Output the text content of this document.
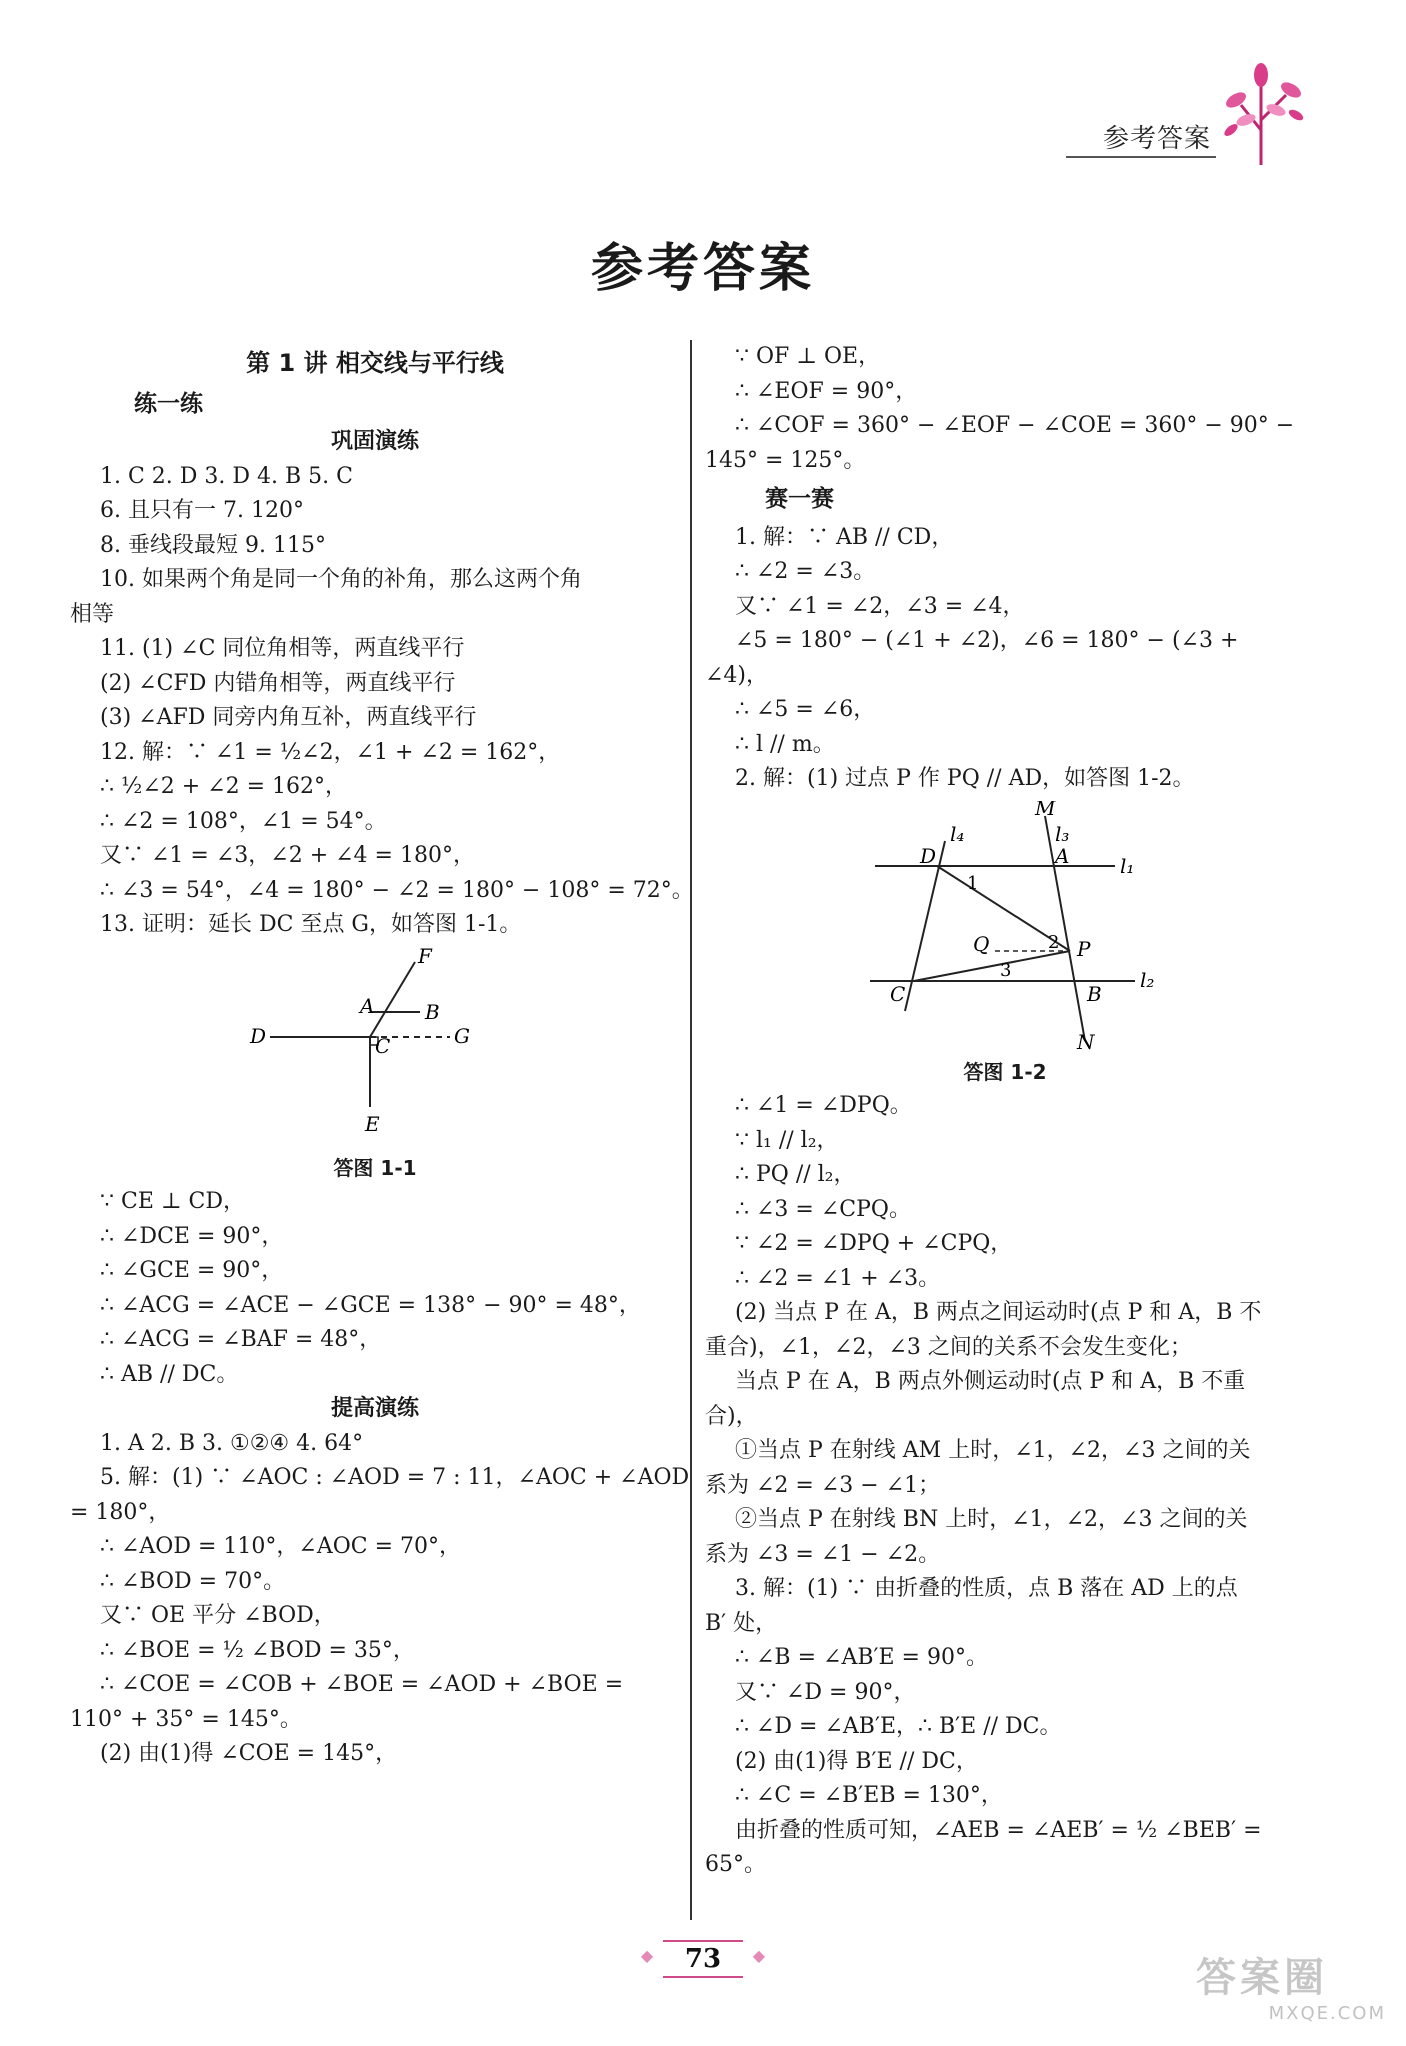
参考答案
参考答案
第 1 讲 相交线与平行线
练一练
巩固演练
1. C 2. D 3. D 4. B 5. C
6. 且只有一 7. 120°
8. 垂线段最短 9. 115°
10. 如果两个角是同一个角的补角，那么这两个角
相等
11. (1) ∠C 同位角相等，两直线平行
(2) ∠CFD 内错角相等，两直线平行
(3) ∠AFD 同旁内角互补，两直线平行
12. 解：∵ ∠1 = ½∠2，∠1 + ∠2 = 162°，
∴ ½∠2 + ∠2 = 162°，
∴ ∠2 = 108°，∠1 = 54°。
又∵ ∠1 = ∠3，∠2 + ∠4 = 180°，
∴ ∠3 = 54°，∠4 = 180° − ∠2 = 180° − 108° = 72°。
13. 证明：延长 DC 至点 G，如答图 1-1。
F
A	B
D	C	G
E
答图 1-1
∵ CE ⊥ CD，
∴ ∠DCE = 90°，
∴ ∠GCE = 90°，
∴ ∠ACG = ∠ACE − ∠GCE = 138° − 90° = 48°，
∴ ∠ACG = ∠BAF = 48°，
∴ AB // DC。
提高演练
1. A 2. B 3. ①②④ 4. 64°
5. 解：(1) ∵ ∠AOC : ∠AOD = 7 : 11，∠AOC + ∠AOD
= 180°，
∴ ∠AOD = 110°，∠AOC = 70°，
∴ ∠BOD = 70°。
又∵ OE 平分 ∠BOD，
∴ ∠BOE = ½ ∠BOD = 35°，
∴ ∠COE = ∠COB + ∠BOE = ∠AOD + ∠BOE =
110° + 35° = 145°。
(2) 由(1)得 ∠COE = 145°，
∵ OF ⊥ OE，
∴ ∠EOF = 90°，
∴ ∠COF = 360° − ∠EOF − ∠COE = 360° − 90° −
145° = 125°。
赛一赛
1. 解：∵ AB // CD，
∴ ∠2 = ∠3。
又∵ ∠1 = ∠2，∠3 = ∠4，
∠5 = 180° − (∠1 + ∠2)，∠6 = 180° − (∠3 +
∠4)，
∴ ∠5 = ∠6，
∴ l // m。
2. 解：(1) 过点 P 作 PQ // AD，如答图 1-2。
M
l₄	l₃
D	A	l₁
1
Q	2 P
3
C	B
l₂
N
答图 1-2
∴ ∠1 = ∠DPQ。
∵ l₁ // l₂，
∴ PQ // l₂，
∴ ∠3 = ∠CPQ。
∵ ∠2 = ∠DPQ + ∠CPQ，
∴ ∠2 = ∠1 + ∠3。
(2) 当点 P 在 A，B 两点之间运动时(点 P 和 A，B 不
重合)，∠1，∠2，∠3 之间的关系不会发生变化；
当点 P 在 A，B 两点外侧运动时(点 P 和 A，B 不重
合)，
①当点 P 在射线 AM 上时，∠1，∠2，∠3 之间的关
系为 ∠2 = ∠3 − ∠1；
②当点 P 在射线 BN 上时，∠1，∠2，∠3 之间的关
系为 ∠3 = ∠1 − ∠2。
3. 解：(1) ∵ 由折叠的性质，点 B 落在 AD 上的点
B′ 处，
∴ ∠B = ∠AB′E = 90°。
又∵ ∠D = 90°，
∴ ∠D = ∠AB′E，∴ B′E // DC。
(2) 由(1)得 B′E // DC，
∴ ∠C = ∠B′EB = 130°，
由折叠的性质可知，∠AEB = ∠AEB′ = ½ ∠BEB′ =
65°。
◆ 73 ◆	答案圈
MXQE.COM
